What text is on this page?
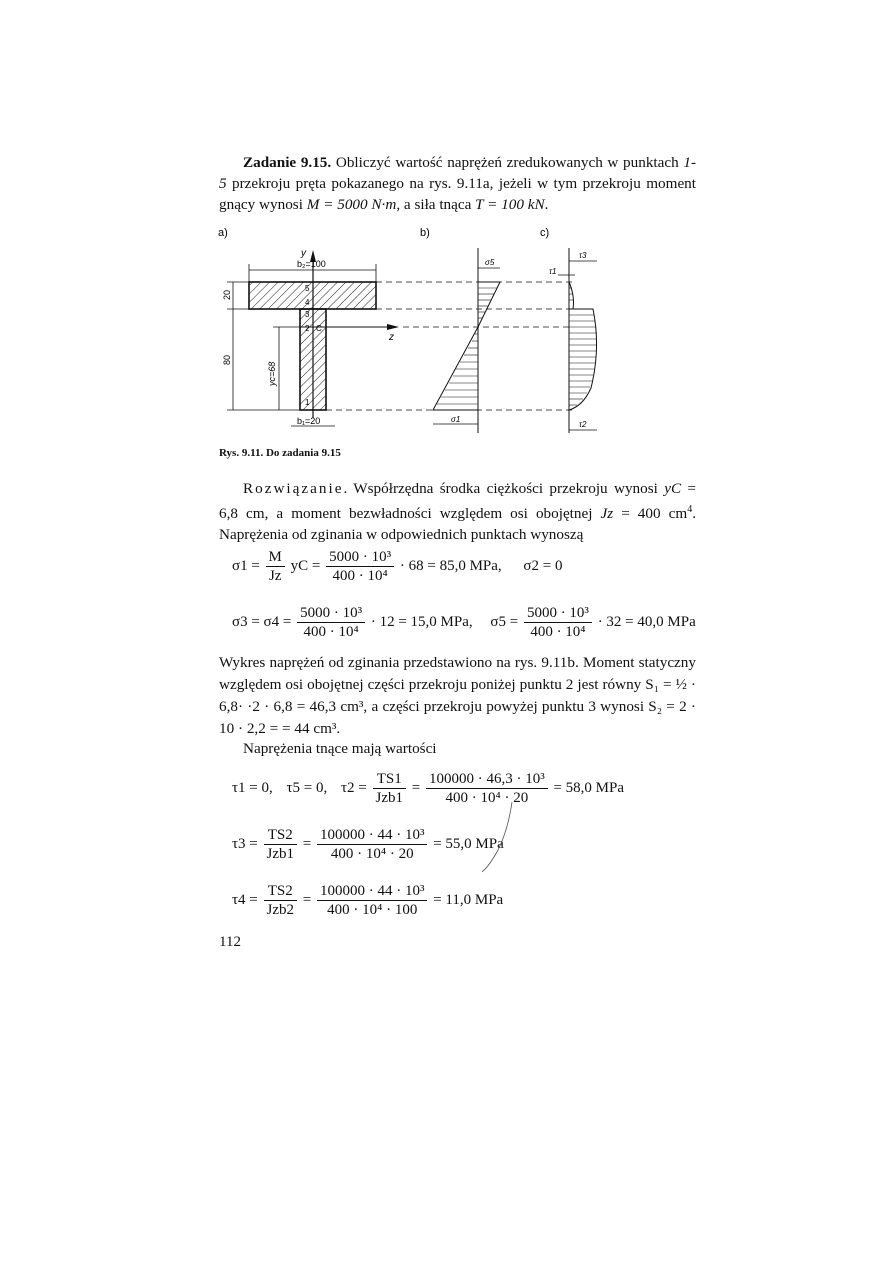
Zadanie 9.15. Obliczyć wartość naprężeń zredukowanych w punktach 1-5 przekroju pręta pokazanego na rys. 9.11a, jeżeli w tym przekroju moment gnący wynosi M = 5000 N·m, a siła tnąca T = 100 kN.
a)	b)	c)
y
z
b₂=100
b₁=20
20
80
yc=68
5
4
3
2 C
1
σ5
σ1
τ3
τ1
τ2
Rys. 9.11. Do zadania 9.15
Rozwiązanie. Współrzędna środka ciężkości przekroju wynosi yC = 6,8 cm, a moment bezwładności względem osi obojętnej Jz = 400 $cm^4$. Naprężenia od zginania w odpowiednich punktach wynoszą
$\sigma 1 = \frac{M}{Jz}$ yC = $\frac{\text{5000 · 10³}}{\text{400 · 10⁴}} \cdot 68 = 85,0$ MPa, σ2 = 0
$\sigma 3 = \sigma 4 = \frac{\text{5000 · 10³}}{\text{400 · 10⁴}} \cdot 12 = 15,0$ MPa, $\sigma 5 = \frac{\text{5000 · 10³}}{\text{400 · 10⁴}} \cdot 32 = 40,0$ MPa
Wykres naprężeń od zginania przedstawiono na rys. 9.11b. Moment statyczny względem osi obojętnej części przekroju poniżej punktu 2 jest równy S₁ = ½ · 6,8· ·2 · 6,8 = 46,3 cm³, a części przekroju powyżej punktu 3 wynosi S₂ = 2 · 10 · 2,2 = = 44 cm³.
Naprężenia tnące mają wartości
τ1 = 0, τ5 = 0, $\tau 2 = \frac{TS1}{\text{Jzb1}} = \frac{\text{100000 · 46,3 · 10³}}{\text{400 · 10⁴ · 20}} = 58,0$ MPa
$\tau 3 = \frac{TS2}{\text{Jzb1}} = \frac{\text{100000 · 44 · 10³}}{\text{400 · 10⁴ · 20}} = 55,0$ MPa
$\tau 4 = \frac{TS2}{\text{Jzb2}} = \frac{\text{100000 · 44 · 10³}}{\text{400 · 10⁴ · 100}} = 11,0$ MPa
112
